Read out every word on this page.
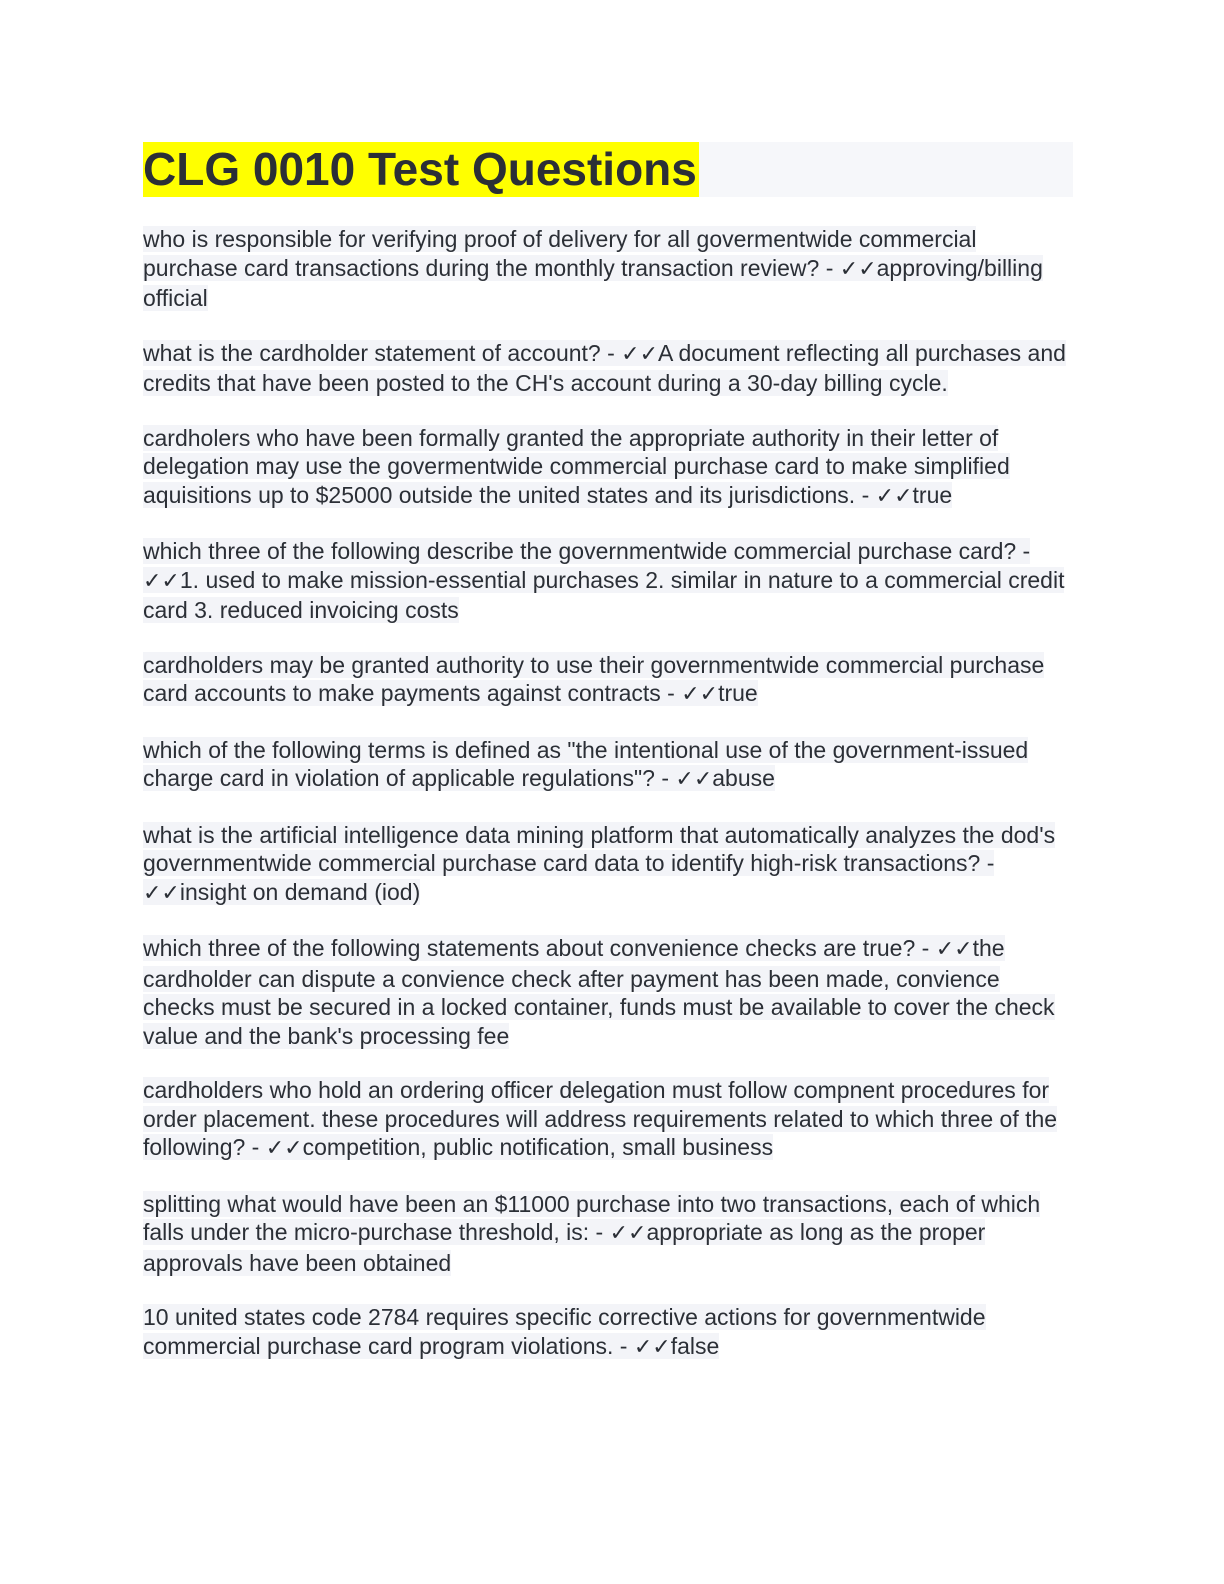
CLG 0010 Test Questions

who is responsible for verifying proof of delivery for all govermentwide commercial purchase card transactions during the monthly transaction review? - ✓✓approving/billing official

what is the cardholder statement of account? - ✓✓A document reflecting all purchases and credits that have been posted to the CH's account during a 30-day billing cycle.

cardholers who have been formally granted the appropriate authority in their letter of delegation may use the govermentwide commercial purchase card to make simplified aquisitions up to $25000 outside the united states and its jurisdictions. - ✓✓true

which three of the following describe the governmentwide commercial purchase card? - ✓✓1. used to make mission-essential purchases 2. similar in nature to a commercial credit card 3. reduced invoicing costs

cardholders may be granted authority to use their governmentwide commercial purchase card accounts to make payments against contracts - ✓✓true

which of the following terms is defined as "the intentional use of the government-issued charge card in violation of applicable regulations"? - ✓✓abuse

what is the artificial intelligence data mining platform that automatically analyzes the dod's governmentwide commercial purchase card data to identify high-risk transactions? - ✓✓insight on demand (iod)

which three of the following statements about convenience checks are true? - ✓✓the cardholder can dispute a convience check after payment has been made, convience checks must be secured in a locked container, funds must be available to cover the check value and the bank's processing fee

cardholders who hold an ordering officer delegation must follow compnent procedures for order placement. these procedures will address requirements related to which three of the following? - ✓✓competition, public notification, small business

splitting what would have been an $11000 purchase into two transactions, each of which falls under the micro-purchase threshold, is: - ✓✓appropriate as long as the proper approvals have been obtained

10 united states code 2784 requires specific corrective actions for governmentwide commercial purchase card program violations. - ✓✓false
